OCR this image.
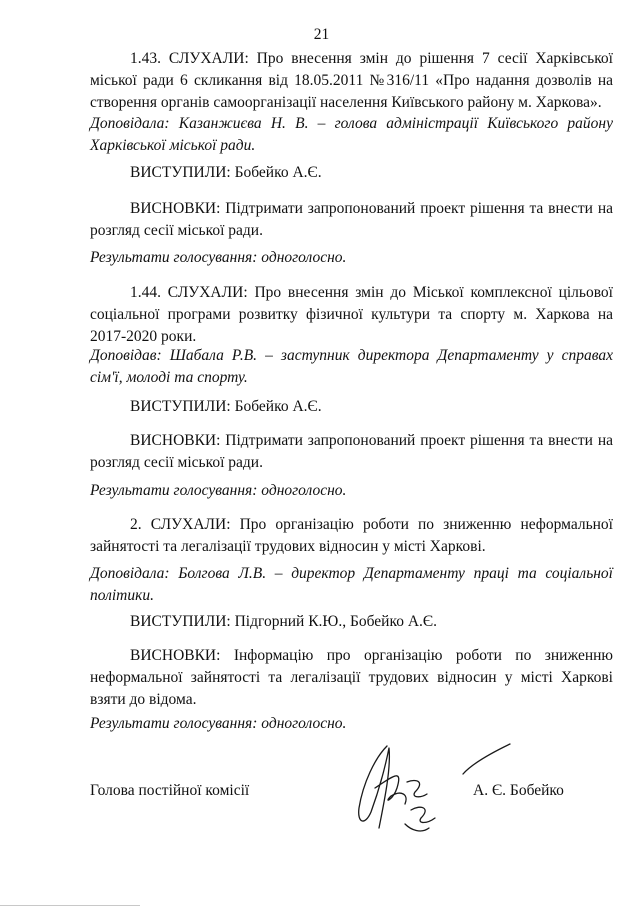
21

1.43. СЛУХАЛИ: Про внесення змін до рішення 7 сесії Харківської міської ради 6 скликання від 18.05.2011 №316/11 «Про надання дозволів на створення органів самоорганізації населення Київського району м. Харкова».

Доповідала: Казанжиєва Н. В. – голова адміністрації Київського району Харківської міської ради.

ВИСТУПИЛИ: Бобейко А.Є.

ВИСНОВКИ: Підтримати запропонований проект рішення та внести на розгляд сесії міської ради.

Результати голосування: одноголосно.

1.44. СЛУХАЛИ: Про внесення змін до Міської комплексної цільової соціальної програми розвитку фізичної культури та спорту м. Харкова на 2017-2020 роки.

Доповідав: Шабала Р.В. – заступник директора Департаменту у справах сім'ї, молоді та спорту.

ВИСТУПИЛИ: Бобейко А.Є.

ВИСНОВКИ: Підтримати запропонований проект рішення та внести на розгляд сесії міської ради.

Результати голосування: одноголосно.

2. СЛУХАЛИ: Про організацію роботи по зниженню неформальної зайнятості та легалізації трудових відносин у місті Харкові.

Доповідала: Болгова Л.В. – директор Департаменту праці та соціальної політики.

ВИСТУПИЛИ: Підгорний К.Ю., Бобейко А.Є.

ВИСНОВКИ: Інформацію про організацію роботи по зниженню неформальної зайнятості та легалізації трудових відносин у місті Харкові взяти до відома.

Результати голосування: одноголосно.

Голова постійної комісії	А. Є. Бобейко
